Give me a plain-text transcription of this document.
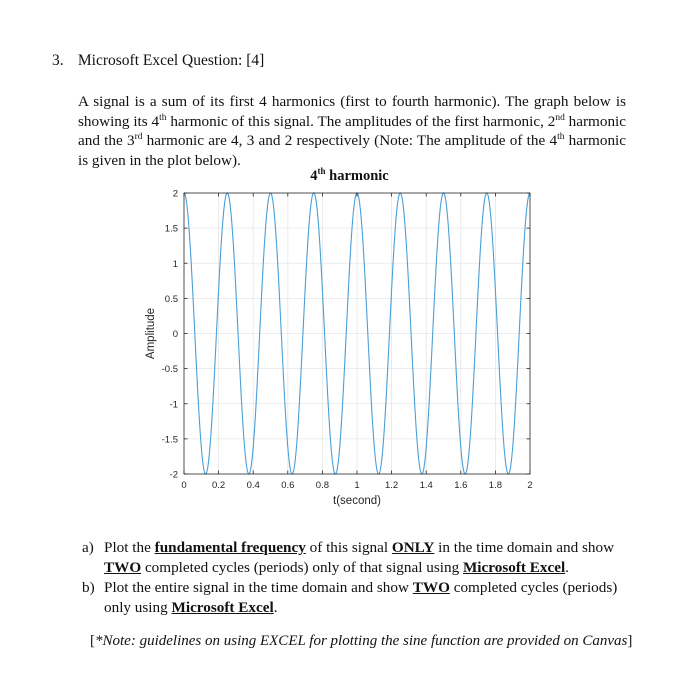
3. Microsoft Excel Question: [4]
A signal is a sum of its first 4 harmonics (first to fourth harmonic). The graph below is showing its 4th harmonic of this signal. The amplitudes of the first harmonic, 2nd harmonic and the 3rd harmonic are 4, 3 and 2 respectively (Note: The amplitude of the 4th harmonic is given in the plot below).
4th harmonic
0	0.2 0.4 0.6 0.8	1	1.2 1.4 1.6 1.8	2
-2
-1.5
-1
-0.5
0
0.5
1
1.5
2
t(second)
Amplitude
a) Plot the fundamental frequency of this signal ONLY in the time domain and show TWO completed cycles (periods) only of that signal using Microsoft Excel.
b) Plot the entire signal in the time domain and show TWO completed cycles (periods) only using Microsoft Excel.
[*Note: guidelines on using EXCEL for plotting the sine function are provided on Canvas]
